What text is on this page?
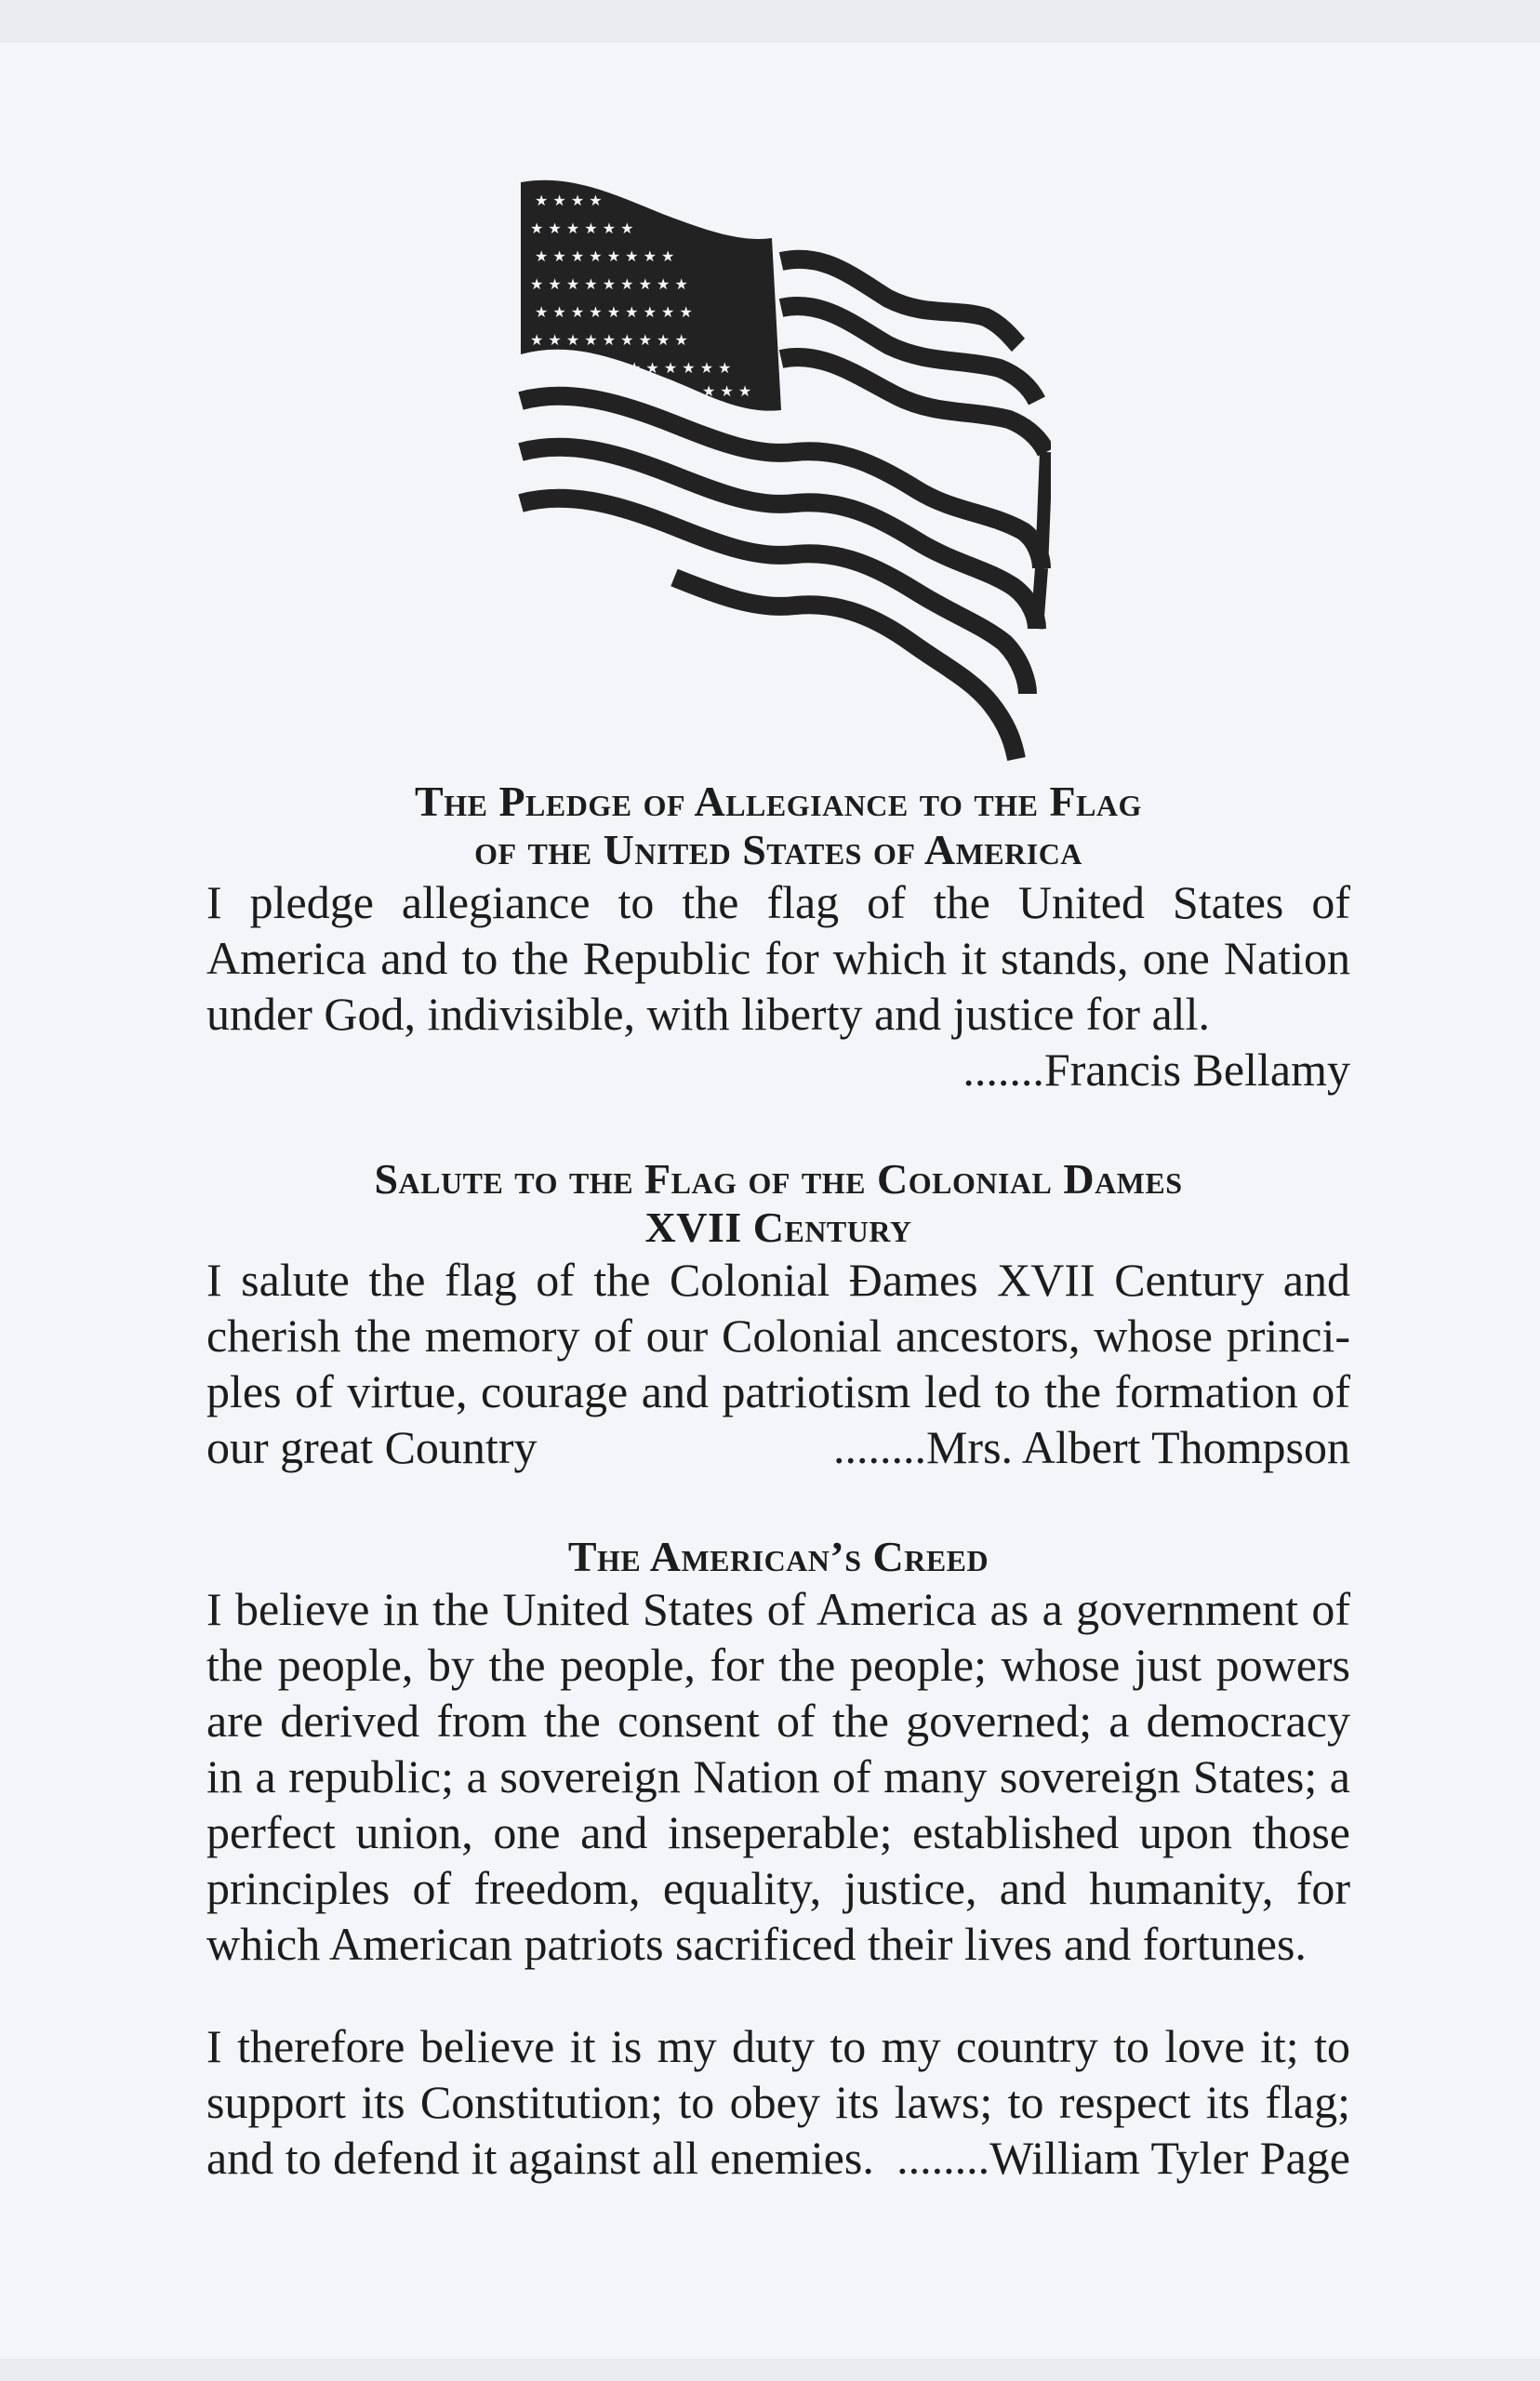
★ ★ ★ ★
★ ★ ★ ★ ★ ★
★ ★ ★ ★ ★ ★ ★ ★
★ ★ ★ ★ ★ ★ ★ ★ ★
★ ★ ★ ★ ★ ★ ★ ★ ★
★ ★ ★ ★ ★ ★ ★ ★ ★
★ ★ ★ ★ ★ ★
★ ★ ★

The Pledge of Allegiance to the Flag

of the United States of America

I pledge allegiance to the flag of the United States of America and to the Republic for which it stands, one Nation under God, indivisible, with liberty and justice for all.

.......Francis Bellamy

Salute to the Flag of the Colonial Dames

XVII Century

I salute the flag of the Colonial Ɖames XVII Century and cherish the memory of our Colonial ancestors, whose princi-ples of virtue, courage and patriotism led to the formation of our great Country	........Mrs. Albert Thompson

The American’s Creed

I believe in the United States of America as a government of the people, by the people, for the people; whose just powers are derived from the consent of the governed; a democracy in a republic; a sovereign Nation of many sovereign States; a perfect union, one and inseperable; established upon those principles of freedom, equality, justice, and humanity, for which American patriots sacrificed their lives and fortunes.

I therefore believe it is my duty to my country to love it; to support its Constitution; to obey its laws; to respect its flag; and to defend it against all enemies. ........William Tyler Page
